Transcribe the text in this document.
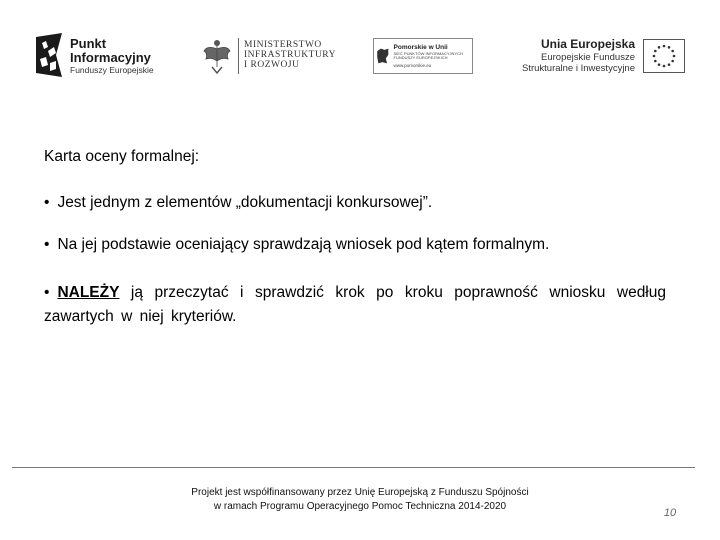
Punkt
Informacyjny
Funduszy Europejskie
MINISTERSTWO
INFRASTRUKTURY
I ROZWOJU
Pomorskie w Unii
SIEĆ PUNKTÓW INFORMACYJNYCH FUNDUSZY EUROPEJSKICH
www.pomorskie.eu
Unia Europejska
Europejskie Fundusze
Strukturalne i Inwestycyjne
Karta oceny formalnej:
• Jest jednym z elementów „dokumentacji konkursowej”.
• Na jej podstawie oceniający sprawdzają wniosek pod kątem formalnym.
• NALEŻY ją przeczytać i sprawdzić krok po kroku poprawność wniosku według zawartych w niej kryteriów.
Projekt jest współfinansowany przez Unię Europejską z Funduszu Spójności
w ramach Programu Operacyjnego Pomoc Techniczna 2014-2020
10
